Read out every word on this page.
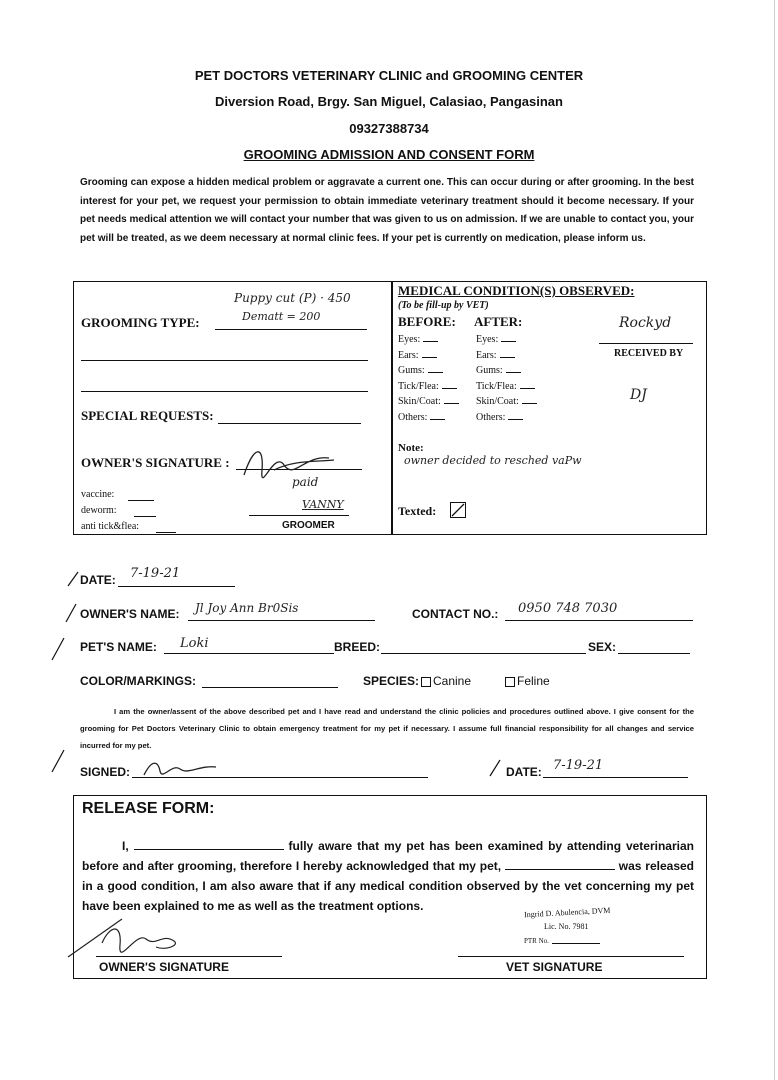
PET DOCTORS VETERINARY CLINIC and GROOMING CENTER
Diversion Road, Brgy. San Miguel, Calasiao, Pangasinan
09327388734
GROOMING ADMISSION AND CONSENT FORM
Grooming can expose a hidden medical problem or aggravate a current one. This can occur during or after grooming. In the best interest for your pet, we request your permission to obtain immediate veterinary treatment should it become necessary. If your pet needs medical attention we will contact your number that was given to us on admission. If we are unable to contact you, your pet will be treated, as we deem necessary at normal clinic fees. If your pet is currently on medication, please inform us.
GROOMING TYPE:
Puppy cut (P) · 450
Dematt = 200
SPECIAL REQUESTS:
OWNER'S SIGNATURE :
vaccine:
deworm:
anti tick&flea:
paid
VANNY
GROOMER
MEDICAL CONDITION(S) OBSERVED:
(To be fill-up by VET)
BEFORE: AFTER:
Eyes:
Ears:
Gums:
Tick/Flea:
Skin/Coat:
Others:
Eyes:
Ears:
Gums:
Tick/Flea:
Skin/Coat:
Others:
Rockyd
RECEIVED BY
DJ
Note:
owner decided to resched vaPw
Texted:
DATE: 7-19-21
OWNER'S NAME: Jl Joy Ann Br0Sis	CONTACT NO.: 0950 748 7030
PET'S NAME: Loki	BREED:	SEX:
COLOR/MARKINGS:	SPECIES: Canine	Feline
I am the owner/assent of the above described pet and I have read and understand the clinic policies and procedures outlined above. I give consent for the grooming for Pet Doctors Veterinary Clinic to obtain emergency treatment for my pet if necessary. I assume full financial responsibility for all changes and service incurred for my pet.
SIGNED:	DATE: 7-19-21
RELEASE FORM:
I,	fully aware that my pet has been examined by attending veterinarian before and after grooming, therefore I hereby acknowledged that my pet,	was released in a good condition, I am also aware that if any medical condition observed by the vet concerning my pet have been explained to me as well as the treatment options.	Ingrid D. Abulencia, DVM
Lic. No. 7981
PTR No.
OWNER'S SIGNATURE	VET SIGNATURE
